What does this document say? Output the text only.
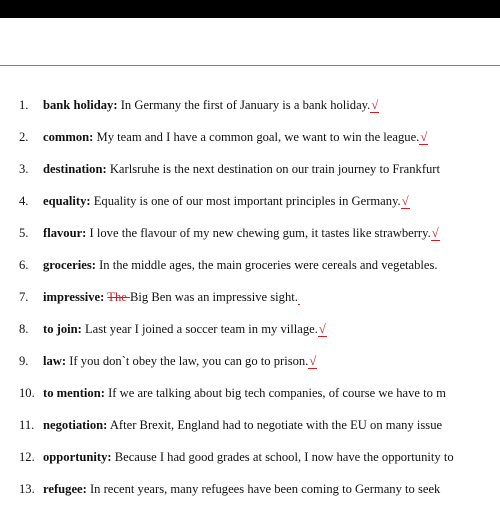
1.	bank holiday: In Germany the first of January is a bank holiday.√
2.	common: My team and I have a common goal, we want to win the league.√
3.	destination: Karlsruhe is the next destination on our train journey to Frankfurt
4.	equality: Equality is one of our most important principles in Germany.√
5.	flavour: I love the flavour of my new chewing gum, it tastes like strawberry.√
6.	groceries: In the middle ages, the main groceries were cereals and vegetables.
7.	impressive: The Big Ben was an impressive sight.
8.	to join: Last year I joined a soccer team in my village.√
9.	law: If you don`t obey the law, you can go to prison.√
10. to mention: If we are talking about big tech companies, of course we have to m
11. negotiation: After Brexit, England had to negotiate with the EU on many issue
12. opportunity: Because I had good grades at school, I now have the opportunity to
13. refugee: In recent years, many refugees have been coming to Germany to seek
